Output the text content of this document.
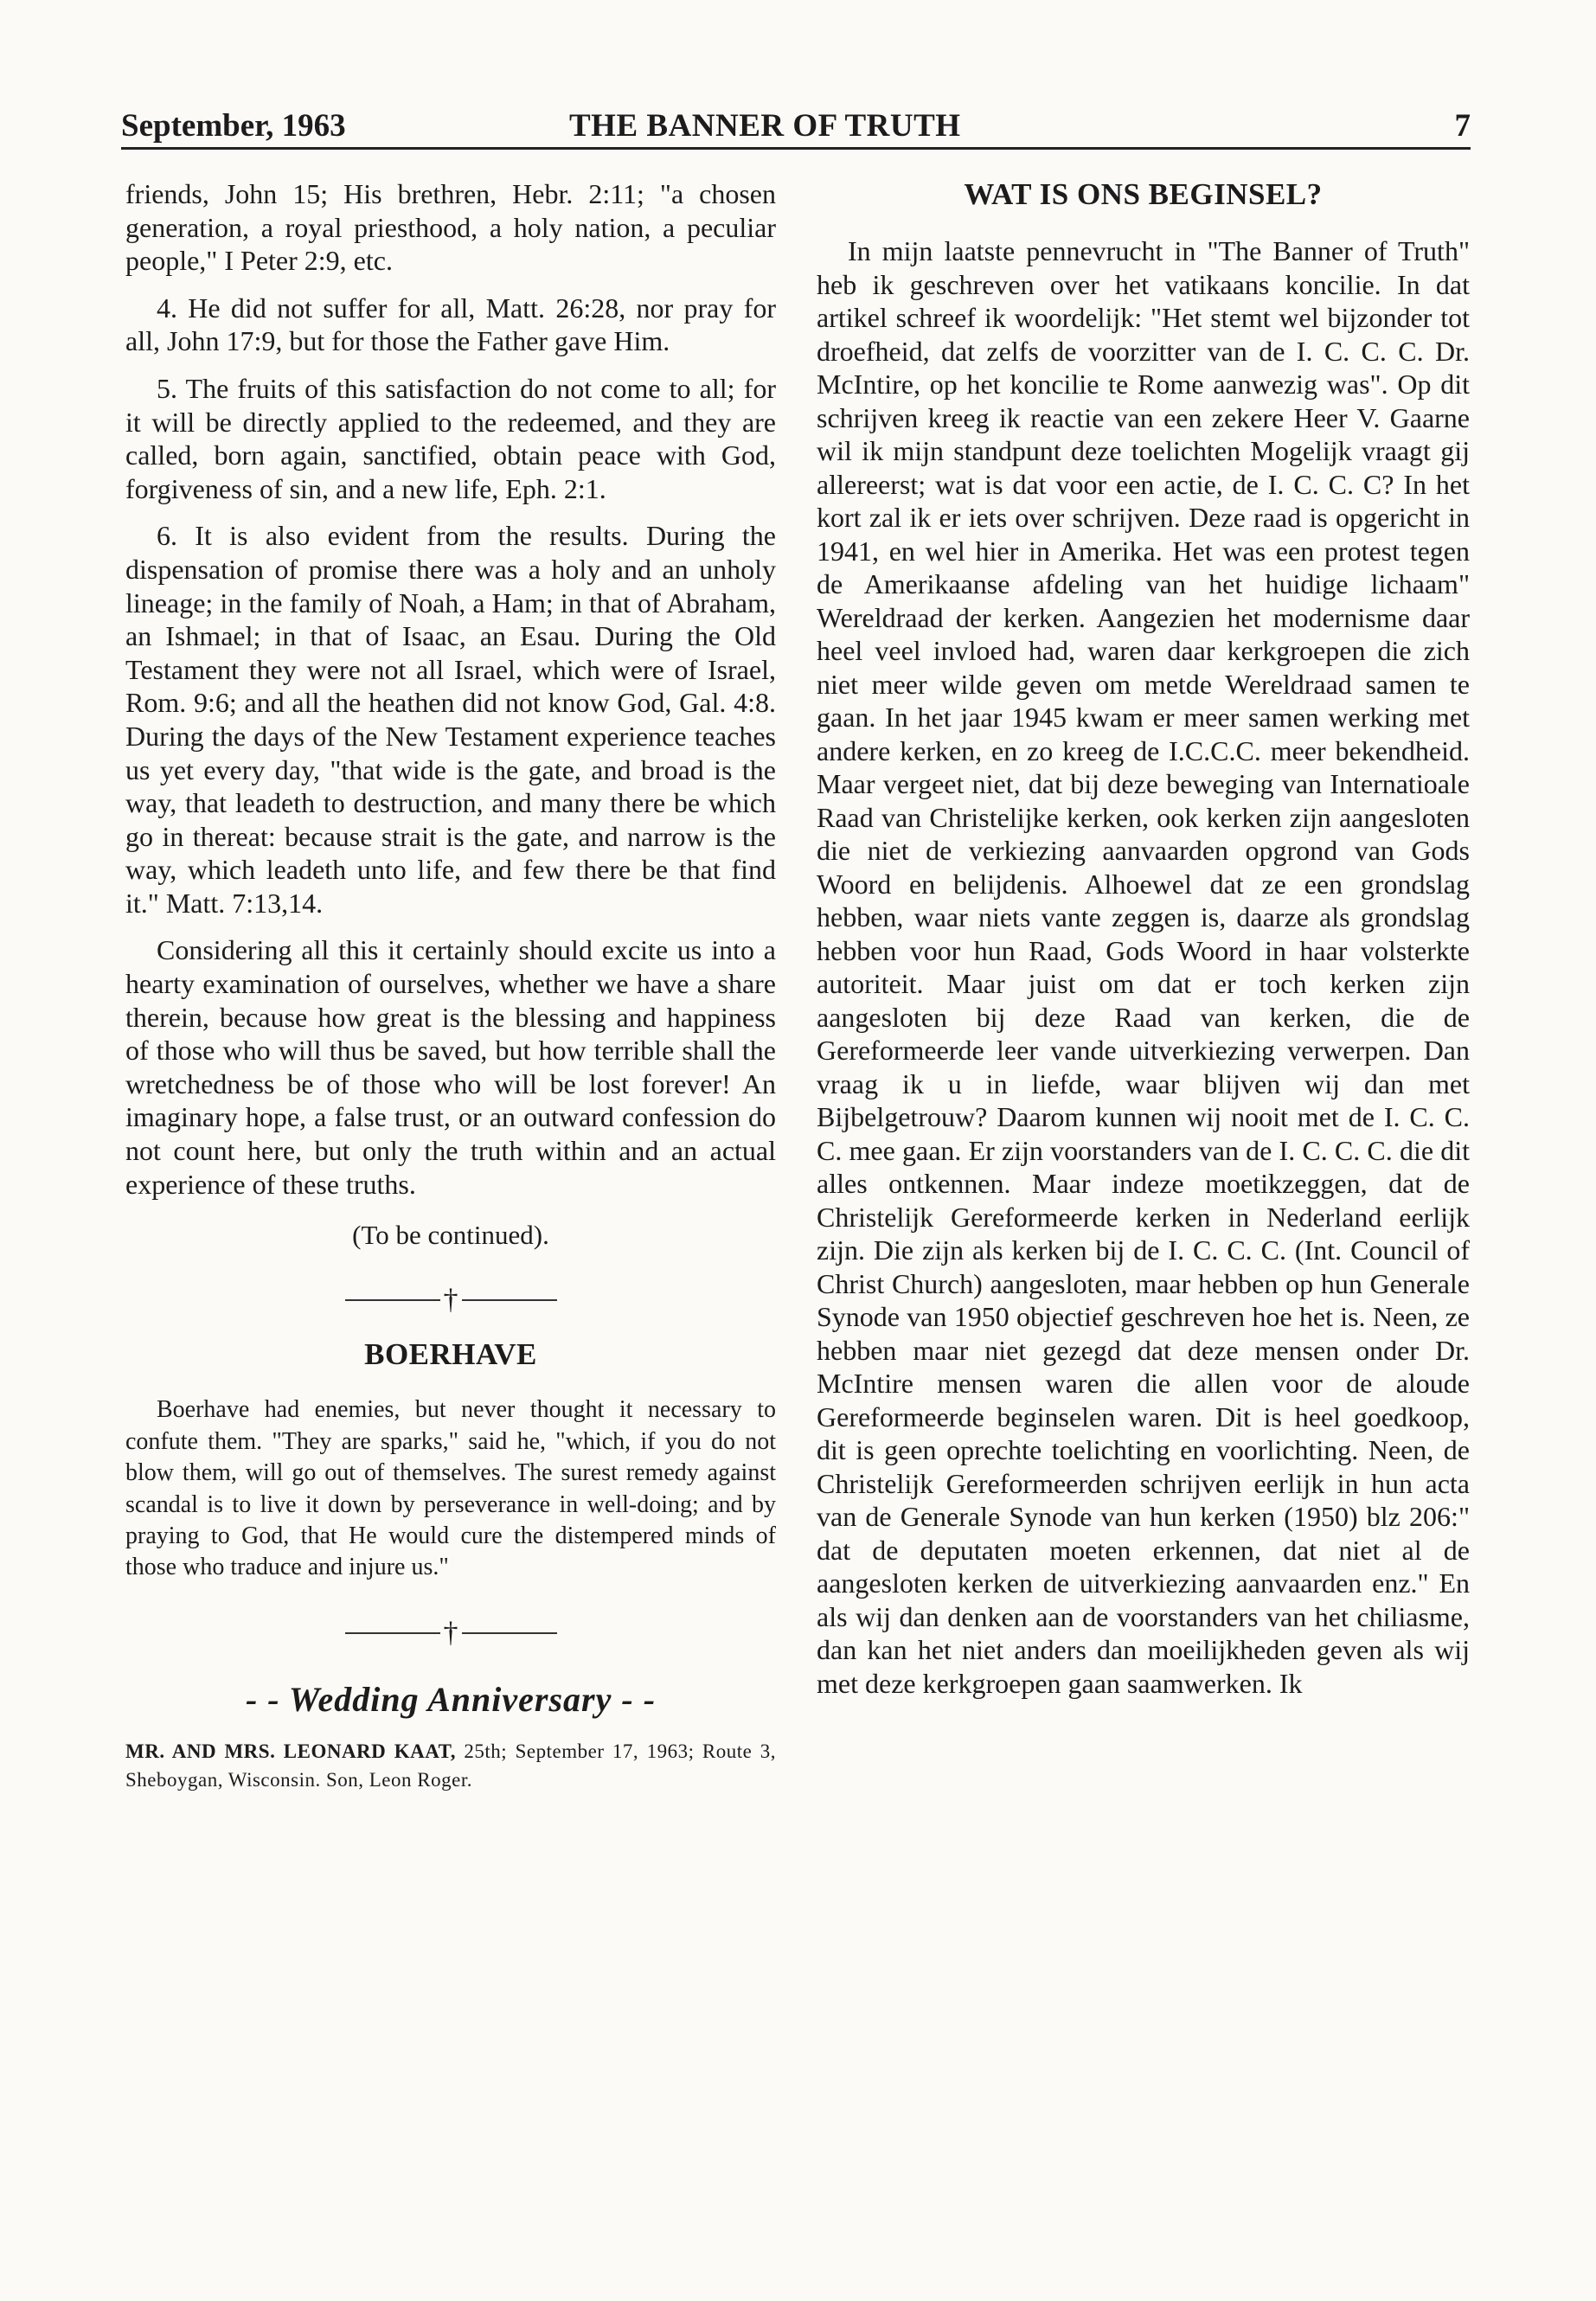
September, 1963	THE BANNER OF TRUTH	7

friends, John 15; His brethren, Hebr. 2:11; "a chosen generation, a royal priesthood, a holy nation, a peculiar people," I Peter 2:9, etc.

4. He did not suffer for all, Matt. 26:28, nor pray for all, John 17:9, but for those the Father gave Him.

5. The fruits of this satisfaction do not come to all; for it will be directly applied to the redeemed, and they are called, born again, sanctified, obtain peace with God, forgiveness of sin, and a new life, Eph. 2:1.

6. It is also evident from the results. During the dispensation of promise there was a holy and an unholy lineage; in the family of Noah, a Ham; in that of Abraham, an Ishmael; in that of Isaac, an Esau. During the Old Testament they were not all Israel, which were of Israel, Rom. 9:6; and all the heathen did not know God, Gal. 4:8. During the days of the New Testament experience teaches us yet every day, "that wide is the gate, and broad is the way, that leadeth to destruction, and many there be which go in thereat: because strait is the gate, and narrow is the way, which leadeth unto life, and few there be that find it." Matt. 7:13,14.

Considering all this it certainly should excite us into a hearty examination of ourselves, whether we have a share therein, because how great is the blessing and happiness of those who will thus be saved, but how terrible shall the wretchedness be of those who will be lost forever! An imaginary hope, a false trust, or an outward confession do not count here, but only the truth within and an actual experience of these truths.

(To be continued).
†
BOERHAVE

Boerhave had enemies, but never thought it necessary to confute them. "They are sparks," said he, "which, if you do not blow them, will go out of themselves. The surest remedy against scandal is to live it down by perseverance in well-doing; and by praying to God, that He would cure the distempered minds of those who traduce and injure us."

†
- - Wedding Anniversary - -
MR. AND MRS. LEONARD KAAT, 25th; September 17, 1963; Route 3, Sheboygan, Wisconsin. Son, Leon Roger.
WAT IS ONS BEGINSEL?

In mijn laatste pennevrucht in "The Banner of Truth" heb ik geschreven over het vatikaans koncilie. In dat artikel schreef ik woordelijk: "Het stemt wel bijzonder tot droefheid, dat zelfs de voorzitter van de I. C. C. C. Dr. McIntire, op het koncilie te Rome aanwezig was". Op dit schrijven kreeg ik reactie van een zekere Heer V. Gaarne wil ik mijn standpunt deze toelichten Mogelijk vraagt gij allereerst; wat is dat voor een actie, de I. C. C. C? In het kort zal ik er iets over schrijven. Deze raad is opgericht in 1941, en wel hier in Amerika. Het was een protest tegen de Amerikaanse afdeling van het huidige lichaam" Wereldraad der kerken. Aangezien het modernisme daar heel veel invloed had, waren daar kerkgroepen die zich niet meer wilde geven om metde Wereldraad samen te gaan. In het jaar 1945 kwam er meer samen werking met andere kerken, en zo kreeg de I.C.C.C. meer bekendheid. Maar vergeet niet, dat bij deze beweging van Internatioale Raad van Christelijke kerken, ook kerken zijn aangesloten die niet de verkiezing aanvaarden opgrond van Gods Woord en belijdenis. Alhoewel dat ze een grondslag hebben, waar niets vante zeggen is, daarze als grondslag hebben voor hun Raad, Gods Woord in haar volsterkte autoriteit. Maar juist om dat er toch kerken zijn aangesloten bij deze Raad van kerken, die de Gereformeerde leer vande uitverkiezing verwerpen. Dan vraag ik u in liefde, waar blijven wij dan met Bijbelgetrouw? Daarom kunnen wij nooit met de I. C. C. C. mee gaan. Er zijn voorstanders van de I. C. C. C. die dit alles ontkennen. Maar indeze moetikzeggen, dat de Christelijk Gereformeerde kerken in Nederland eerlijk zijn. Die zijn als kerken bij de I. C. C. C. (Int. Council of Christ Church) aangesloten, maar hebben op hun Generale Synode van 1950 objectief geschreven hoe het is. Neen, ze hebben maar niet gezegd dat deze mensen onder Dr. McIntire mensen waren die allen voor de aloude Gereformeerde beginselen waren. Dit is heel goedkoop, dit is geen oprechte toelichting en voorlichting. Neen, de Christelijk Gereformeerden schrijven eerlijk in hun acta van de Generale Synode van hun kerken (1950) blz 206:" dat de deputaten moeten erkennen, dat niet al de aangesloten kerken de uitverkiezing aanvaarden enz." En als wij dan denken aan de voorstanders van het chiliasme, dan kan het niet anders dan moeilijkheden geven als wij met deze kerkgroepen gaan saamwerken. Ik
